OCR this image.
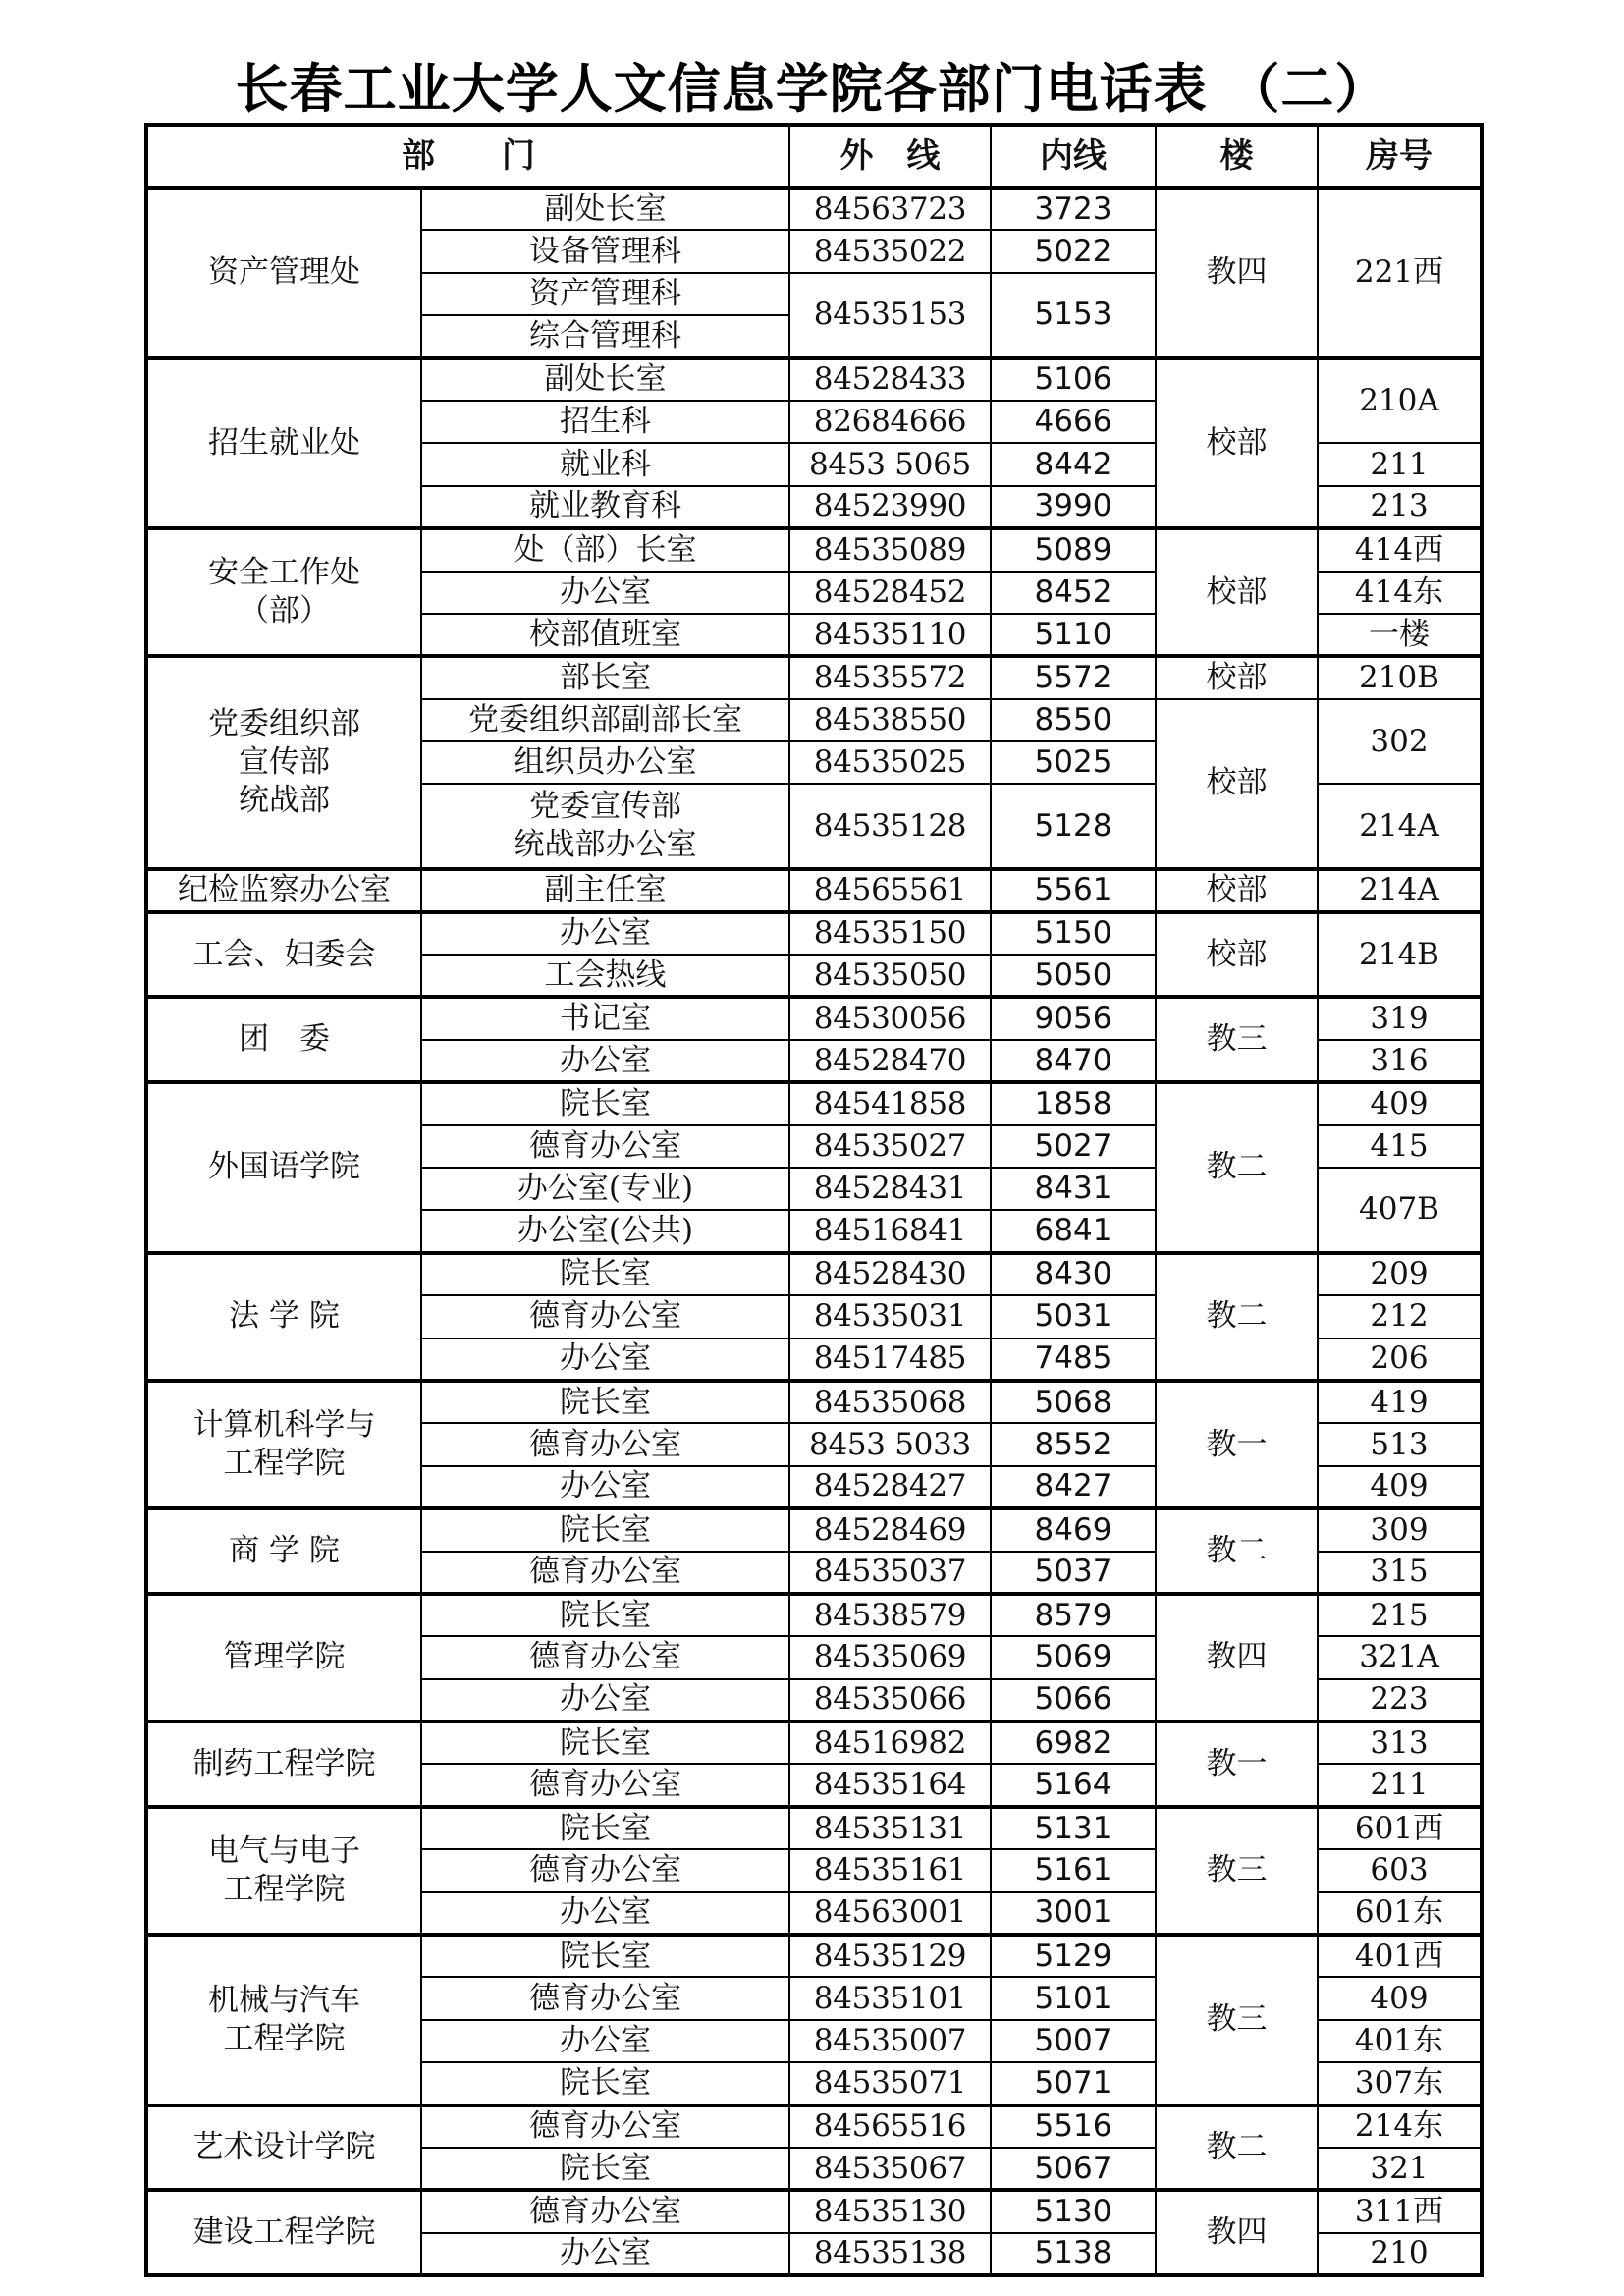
长春工业大学人文信息学院各部门电话表 （二）
部　　门		外　线	内线	楼	房号

资产管理处	副处长室	84563723	3723	教四	221西

	设备管理科	84535022	5022		

	资产管理科	84535153	5153		

	综合管理科				

招生就业处	副处长室	84528433	5106	校部	210A

	招生科	82684666	4666		

	就业科	8453 5065	8442		211

	就业教育科	84523990	3990		213

安全工作处
（部）	处（部）长室	84535089	5089	校部	414西

	办公室	84528452	8452		414东

	校部值班室	84535110	5110		一楼

党委组织部
宣传部
统战部	部长室	84535572	5572	校部	210B

	党委组织部副部长室	84538550	8550	校部	302

	组织员办公室	84535025	5025		

	党委宣传部
统战部办公室	84535128	5128		214A

纪检监察办公室	副主任室	84565561	5561	校部	214A

工会、妇委会	办公室	84535150	5150	校部	214B

	工会热线	84535050	5050		

团　委	书记室	84530056	9056	教三	319

	办公室	84528470	8470		316

外国语学院	院长室	84541858	1858	教二	409

	德育办公室	84535027	5027		415

	办公室(专业)	84528431	8431		407B

	办公室(公共)	84516841	6841		

法 学 院	院长室	84528430	8430	教二	209

	德育办公室	84535031	5031		212

	办公室	84517485	7485		206

计算机科学与
工程学院	院长室	84535068	5068	教一	419

	德育办公室	8453 5033	8552		513

	办公室	84528427	8427		409

商 学 院	院长室	84528469	8469	教二	309

	德育办公室	84535037	5037		315

管理学院	院长室	84538579	8579	教四	215

	德育办公室	84535069	5069		321A

	办公室	84535066	5066		223

制药工程学院	院长室	84516982	6982	教一	313

	德育办公室	84535164	5164		211

电气与电子
工程学院	院长室	84535131	5131	教三	601西

	德育办公室	84535161	5161		603

	办公室	84563001	3001		601东

机械与汽车
工程学院	院长室	84535129	5129	教三	401西

	德育办公室	84535101	5101		409

	办公室	84535007	5007		401东

	院长室	84535071	5071		307东

艺术设计学院	德育办公室	84565516	5516	教二	214东

	院长室	84535067	5067		321

建设工程学院	德育办公室	84535130	5130	教四	311西

	办公室	84535138	5138		210
